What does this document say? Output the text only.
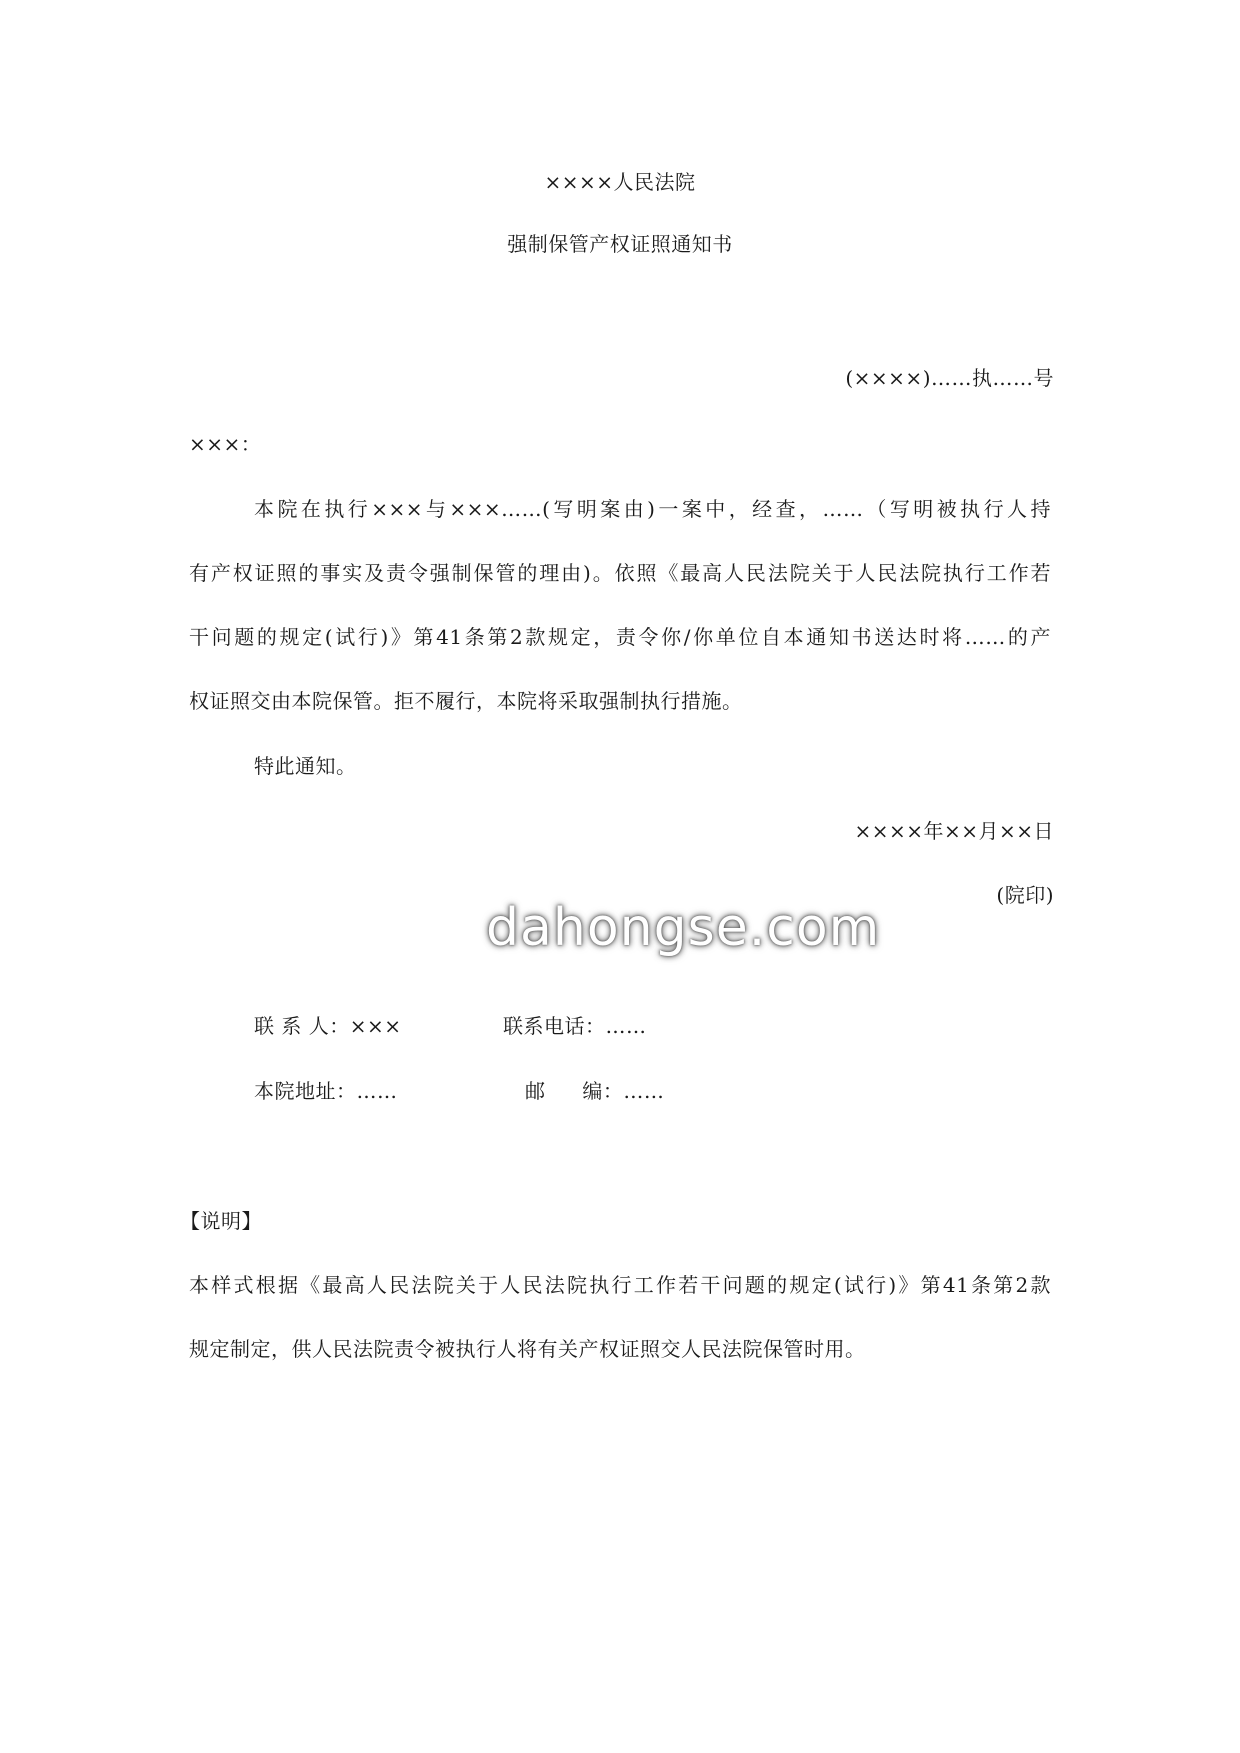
××××人民法院
强制保管产权证照通知书
(××××)……执……号
×××：
本院在执行×××与×××……(写明案由)一案中，经查，……（写明被执行人持
有产权证照的事实及责令强制保管的理由)。依照《最高人民法院关于人民法院执行工作若
干问题的规定(试行)》第41条第2款规定，责令你/你单位自本通知书送达时将……的产
权证照交由本院保管。拒不履行，本院将采取强制执行措施。
特此通知。
××××年××月××日
(院印)
dahongse.com
联 系 人：×××	联系电话：……
本院地址：……	邮 编：……
【说明】
本样式根据《最高人民法院关于人民法院执行工作若干问题的规定(试行)》第41条第2款
规定制定，供人民法院责令被执行人将有关产权证照交人民法院保管时用。
